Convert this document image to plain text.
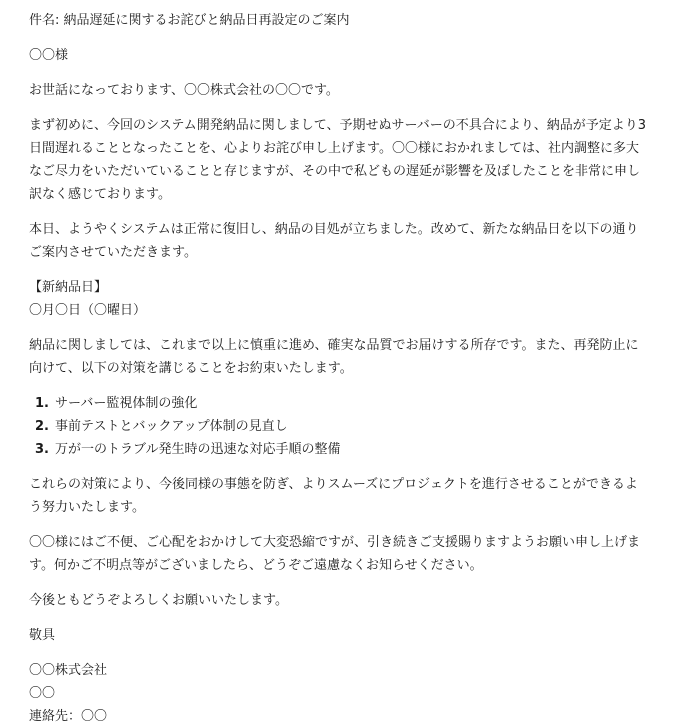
件名: 納品遅延に関するお詫びと納品日再設定のご案内

〇〇様

お世話になっております、〇〇株式会社の〇〇です。

まず初めに、今回のシステム開発納品に関しまして、予期せぬサーバーの不具合により、納品が予定より3日間遅れることとなったことを、心よりお詫び申し上げます。〇〇様におかれましては、社内調整に多大なご尽力をいただいていることと存じますが、その中で私どもの遅延が影響を及ぼしたことを非常に申し訳なく感じております。

本日、ようやくシステムは正常に復旧し、納品の目処が立ちました。改めて、新たな納品日を以下の通りご案内させていただきます。

【新納品日】

〇月〇日（〇曜日）

納品に関しましては、これまで以上に慎重に進め、確実な品質でお届けする所存です。また、再発防止に向けて、以下の対策を講じることをお約束いたします。

1. サーバー監視体制の強化
2. 事前テストとバックアップ体制の見直し
3. 万が一のトラブル発生時の迅速な対応手順の整備

これらの対策により、今後同様の事態を防ぎ、よりスムーズにプロジェクトを進行させることができるよう努力いたします。

〇〇様にはご不便、ご心配をおかけして大変恐縮ですが、引き続きご支援賜りますようお願い申し上げます。何かご不明点等がございましたら、どうぞご遠慮なくお知らせください。

今後ともどうぞよろしくお願いいたします。

敬具

〇〇株式会社

〇〇

連絡先：〇〇
